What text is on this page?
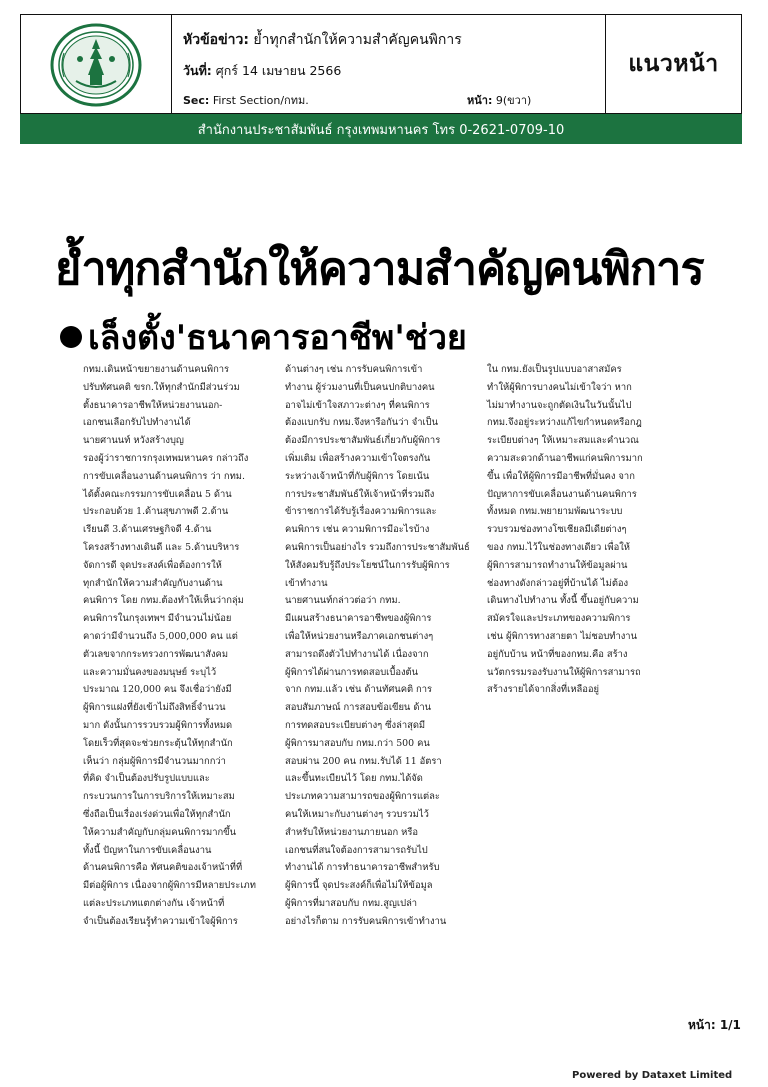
หัวข้อข่าว: ย้ำทุกสำนักให้ความสำคัญคนพิการ
วันที่: ศุกร์ 14 เมษายน 2566
Sec: First Section/กทม.	หน้า: 9(ขวา)
แนวหน้า
สำนักงานประชาสัมพันธ์ กรุงเทพมหานคร โทร 0-2621-0709-10
ย้ำทุกสำนักให้ความสำคัญคนพิการ
เล็งตั้ง'ธนาคารอาชีพ'ช่วย
กทม.เดินหน้าขยายงานด้านคนพิการ
ปรับทัศนคติ ขรก.ให้ทุกสำนักมีส่วนร่วม
ตั้งธนาคารอาชีพให้หน่วยงานนอก-
เอกชนเลือกรับไปทำงานได้
นายศานนท์ หวังสร้างบุญ
รองผู้ว่าราชการกรุงเทพมหานคร กล่าวถึง
การขับเคลื่อนงานด้านคนพิการ ว่า กทม.
ได้ตั้งคณะกรรมการขับเคลื่อน 5 ด้าน
ประกอบด้วย 1.ด้านสุขภาพดี 2.ด้าน
เรียนดี 3.ด้านเศรษฐกิจดี 4.ด้าน
โครงสร้างทางเดินดี และ 5.ด้านบริหาร
จัดการดี จุดประสงค์เพื่อต้องการให้
ทุกสำนักให้ความสำคัญกับงานด้าน
คนพิการ โดย กทม.ต้องทำให้เห็นว่ากลุ่ม
คนพิการในกรุงเทพฯ มีจำนวนไม่น้อย
คาดว่ามีจำนวนถึง 5,000,000 คน แต่
ตัวเลขจากกระทรวงการพัฒนาสังคม
และความมั่นคงของมนุษย์ ระบุไว้
ประมาณ 120,000 คน จึงเชื่อว่ายังมี
ผู้พิการแฝงที่ยังเข้าไม่ถึงสิทธิ์จำนวน
มาก ดังนั้นการรวบรวมผู้พิการทั้งหมด
โดยเร็วที่สุดจะช่วยกระตุ้นให้ทุกสำนัก
เห็นว่า กลุ่มผู้พิการมีจำนวนมากกว่า
ที่คิด จำเป็นต้องปรับรูปแบบและ
กระบวนการในการบริการให้เหมาะสม
ซึ่งถือเป็นเรื่องเร่งด่วนเพื่อให้ทุกสำนัก
ให้ความสำคัญกับกลุ่มคนพิการมากขึ้น
ทั้งนี้ ปัญหาในการขับเคลื่อนงาน
ด้านคนพิการคือ ทัศนคติของเจ้าหน้าที่ที่
มีต่อผู้พิการ เนื่องจากผู้พิการมีหลายประเภท
แต่ละประเภทแตกต่างกัน เจ้าหน้าที่
จำเป็นต้องเรียนรู้ทำความเข้าใจผู้พิการ
ด้านต่างๆ เช่น การรับคนพิการเข้า
ทำงาน ผู้ร่วมงานที่เป็นคนปกติบางคน
อาจไม่เข้าใจสภาวะต่างๆ ที่คนพิการ
ต้องแบกรับ กทม.จึงหารือกันว่า จำเป็น
ต้องมีการประชาสัมพันธ์เกี่ยวกับผู้พิการ
เพิ่มเติม เพื่อสร้างความเข้าใจตรงกัน
ระหว่างเจ้าหน้าที่กับผู้พิการ โดยเน้น
การประชาสัมพันธ์ให้เจ้าหน้าที่รวมถึง
ข้าราชการได้รับรู้เรื่องความพิการและ
คนพิการ เช่น ความพิการมีอะไรบ้าง
คนพิการเป็นอย่างไร รวมถึงการประชาสัมพันธ์
ให้สังคมรับรู้ถึงประโยชน์ในการรับผู้พิการ
เข้าทำงาน
นายศานนท์กล่าวต่อว่า กทม.
มีแผนสร้างธนาคารอาชีพของผู้พิการ
เพื่อให้หน่วยงานหรือภาคเอกชนต่างๆ
สามารถดึงตัวไปทำงานได้ เนื่องจาก
ผู้พิการได้ผ่านการทดสอบเบื้องต้น
จาก กทม.แล้ว เช่น ด้านทัศนคติ การ
สอบสัมภาษณ์ การสอบข้อเขียน ด้าน
การทดสอบระเบียบต่างๆ ซึ่งล่าสุดมี
ผู้พิการมาสอบกับ กทม.กว่า 500 คน
สอบผ่าน 200 คน กทม.รับได้ 11 อัตรา
และขึ้นทะเบียนไว้ โดย กทม.ได้จัด
ประเภทความสามารถของผู้พิการแต่ละ
คนให้เหมาะกับงานต่างๆ รวบรวมไว้
สำหรับให้หน่วยงานภายนอก หรือ
เอกชนที่สนใจต้องการสามารถรับไป
ทำงานได้ การทำธนาคารอาชีพสำหรับ
ผู้พิการนี้ จุดประสงค์ก็เพื่อไม่ให้ข้อมูล
ผู้พิการที่มาสอบกับ กทม.สูญเปล่า
อย่างไรก็ตาม การรับคนพิการเข้าทำงาน
ใน กทม.ยังเป็นรูปแบบอาสาสมัคร
ทำให้ผู้พิการบางคนไม่เข้าใจว่า หาก
ไม่มาทำงานจะถูกตัดเงินในวันนั้นไป
กทม.จึงอยู่ระหว่างแก้ไขกำหนดหรือกฎ
ระเบียบต่างๆ ให้เหมาะสมและคำนวณ
ความสะดวกด้านอาชีพแก่คนพิการมาก
ขึ้น เพื่อให้ผู้พิการมีอาชีพที่มั่นคง จาก
ปัญหาการขับเคลื่อนงานด้านคนพิการ
ทั้งหมด กทม.พยายามพัฒนาระบบ
รวบรวมช่องทางโซเชียลมีเดียต่างๆ
ของ กทม.ไว้ในช่องทางเดียว เพื่อให้
ผู้พิการสามารถทำงานให้ข้อมูลผ่าน
ช่องทางดังกล่าวอยู่ที่บ้านได้ ไม่ต้อง
เดินทางไปทำงาน ทั้งนี้ ขึ้นอยู่กับความ
สมัครใจและประเภทของความพิการ
เช่น ผู้พิการทางสายตา ไม่ชอบทำงาน
อยู่กับบ้าน หน้าที่ของกทม.คือ สร้าง
นวัตกรรมรองรับงานให้ผู้พิการสามารถ
สร้างรายได้จากสิ่งที่เหลืออยู่
หน้า: 1/1
Powered by Dataxet Limited
